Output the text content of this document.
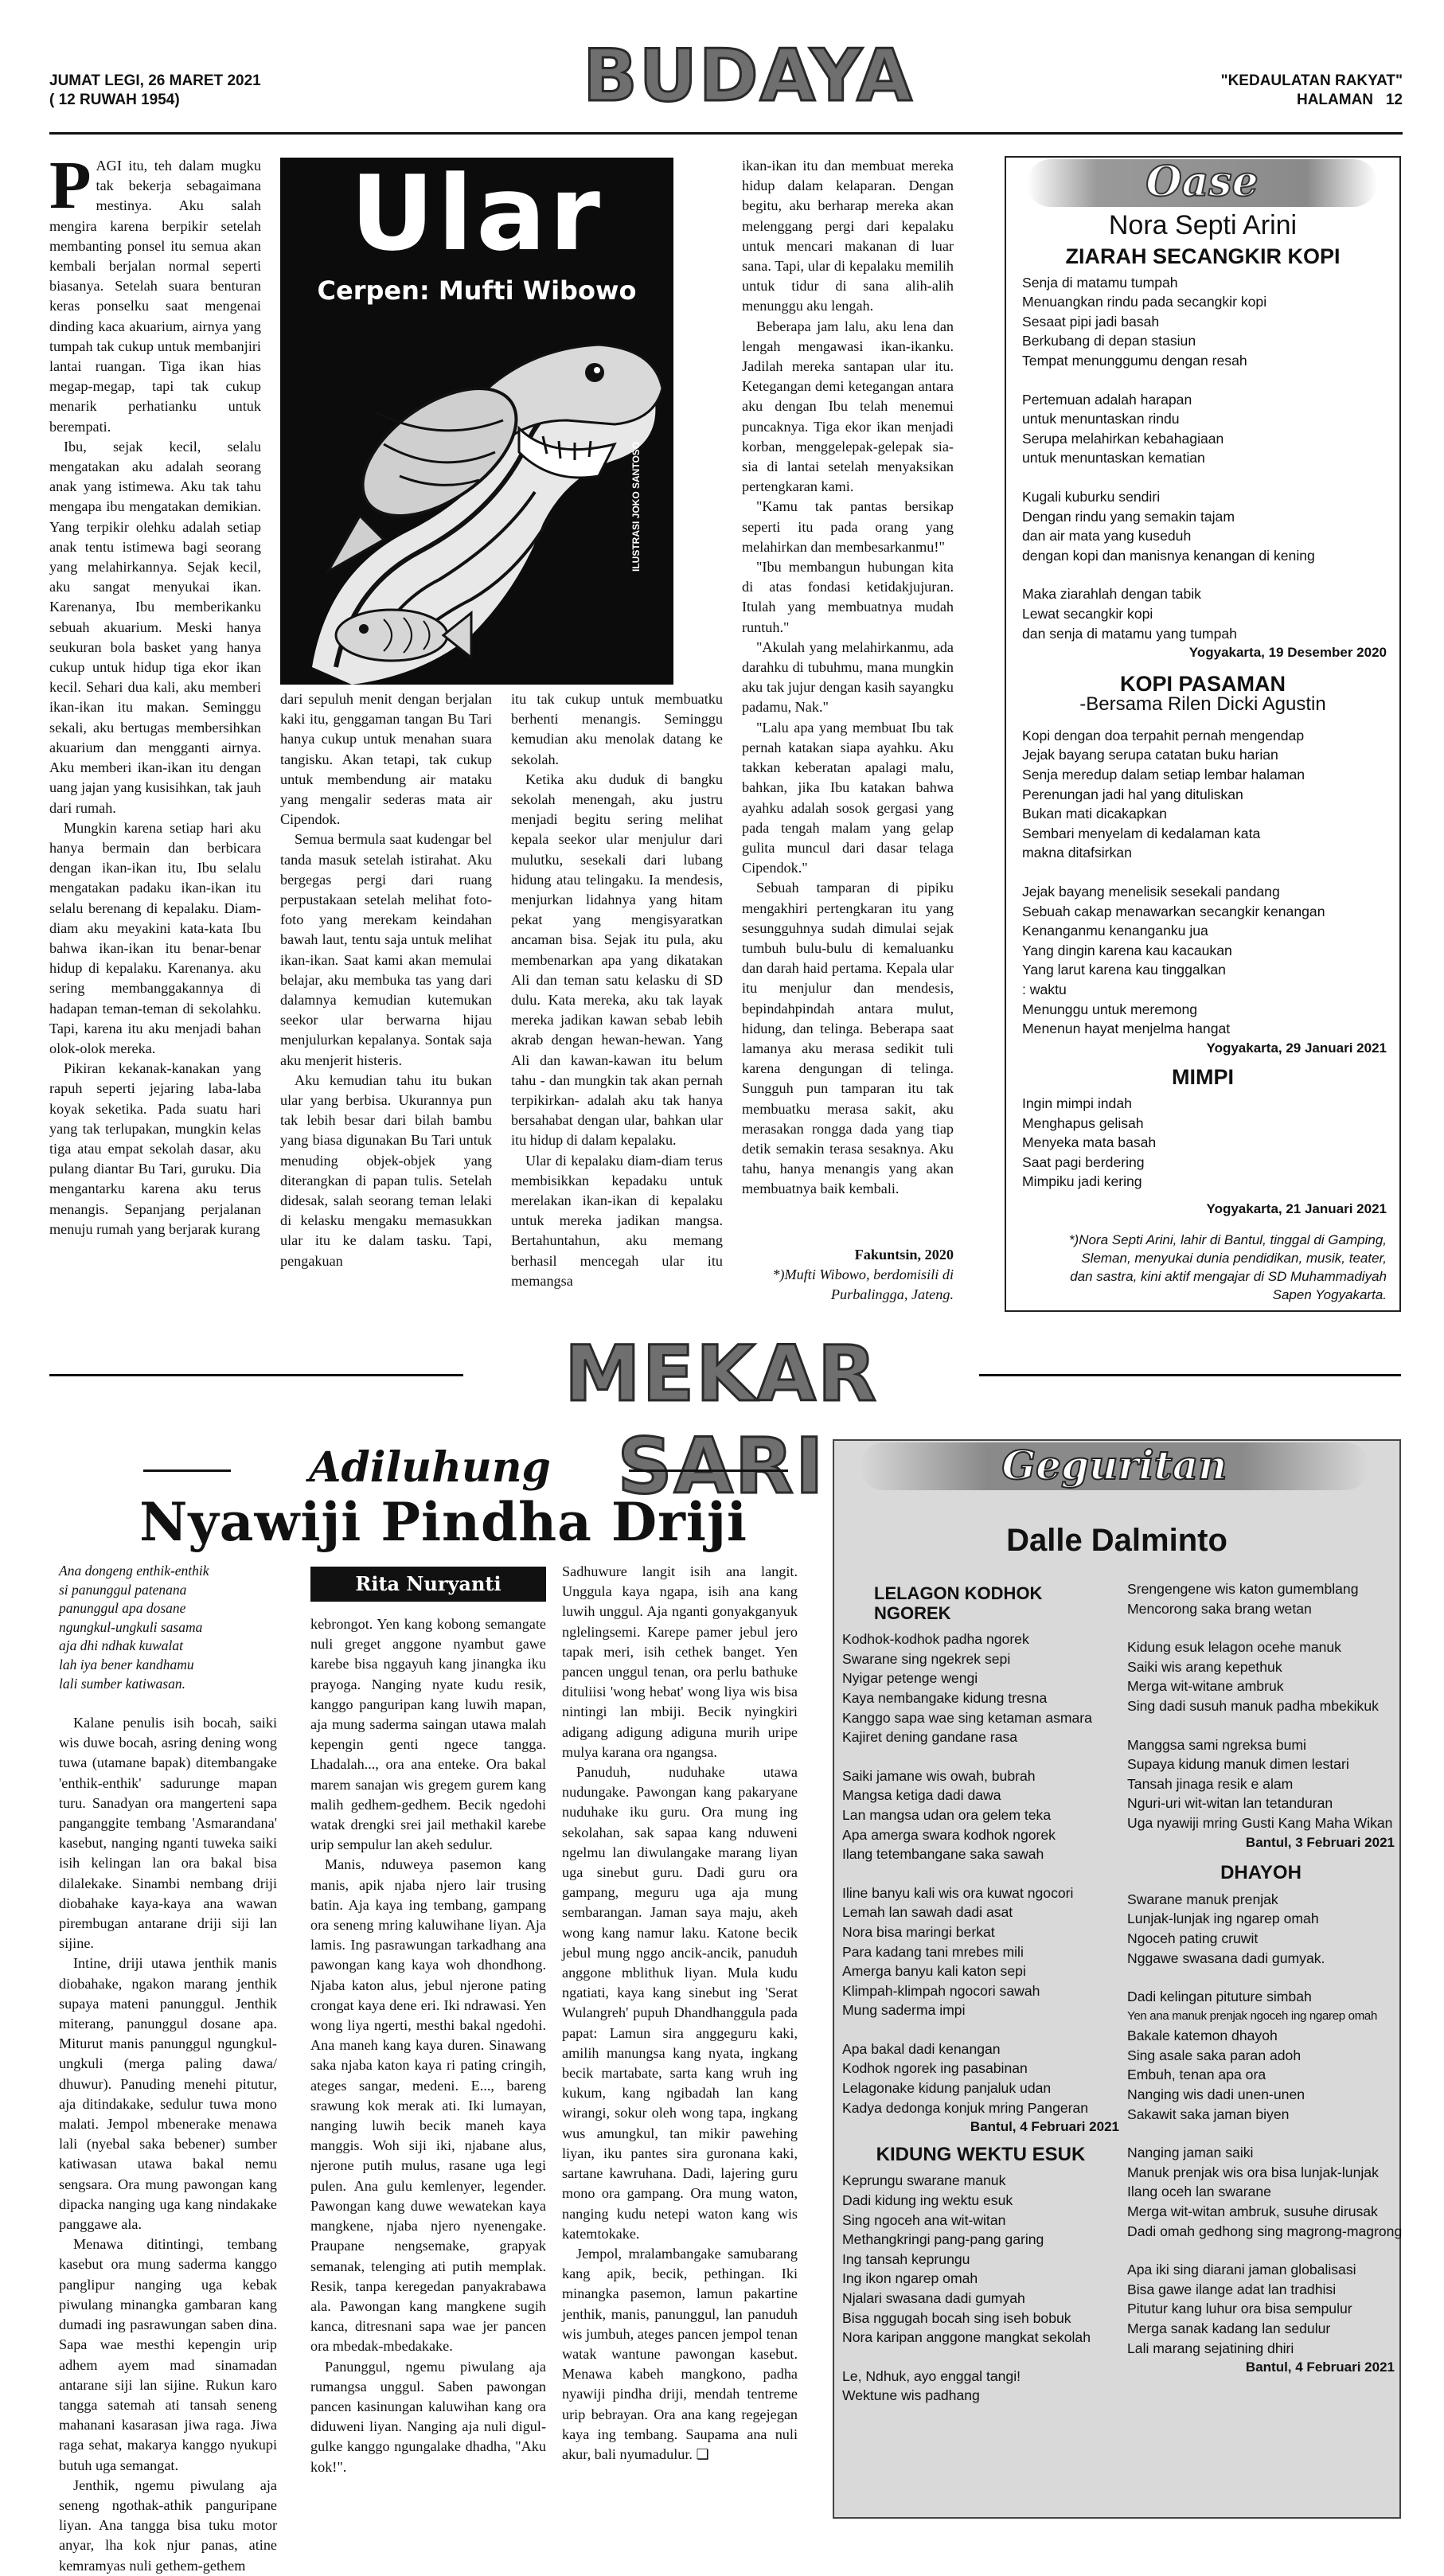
JUMAT LEGI, 26 MARET 2021
( 12 RUWAH 1954)	BUDAYA	"KEDAULATAN RAKYAT"
HALAMAN   12
Ular
Cerpen: Mufti Wibowo
ILUSTRASI JOKO SANTOSO

PAGI itu, teh dalam mugku tak bekerja sebagaimana mestinya. Aku salah mengira karena berpikir setelah membanting ponsel itu semua akan kembali berjalan normal seperti biasanya. Setelah suara benturan keras ponselku saat mengenai dinding kaca akuarium, airnya yang tumpah tak cukup untuk membanjiri lantai ruangan. Tiga ikan hias megap-megap, tapi tak cukup menarik perhatianku untuk berempati.

Ibu, sejak kecil, selalu mengatakan aku adalah seorang anak yang istimewa. Aku tak tahu mengapa ibu mengatakan demikian. Yang terpikir olehku adalah setiap anak tentu istimewa bagi seorang yang melahirkannya. Sejak kecil, aku sangat menyukai ikan. Karenanya, Ibu memberikanku sebuah akuarium. Meski hanya seukuran bola basket yang hanya cukup untuk hidup tiga ekor ikan kecil. Sehari dua kali, aku memberi ikan-ikan itu makan. Seminggu sekali, aku bertugas membersihkan akuarium dan mengganti airnya. Aku memberi ikan-ikan itu dengan uang jajan yang kusisihkan, tak jauh dari rumah.

Mungkin karena setiap hari aku hanya bermain dan berbicara dengan ikan-ikan itu, Ibu selalu mengatakan padaku ikan-ikan itu selalu berenang di kepalaku. Diam-diam aku meyakini kata-kata Ibu bahwa ikan-ikan itu benar-benar hidup di kepalaku. Karenanya. aku sering membanggakannya di hadapan teman-teman di sekolahku. Tapi, karena itu aku menjadi bahan olok-olok mereka.

Pikiran kekanak-kanakan yang rapuh seperti jejaring laba-laba koyak seketika. Pada suatu hari yang tak terlupakan, mungkin kelas tiga atau empat sekolah dasar, aku pulang diantar Bu Tari, guruku. Dia mengantarku karena aku terus menangis. Sepanjang perjalanan menuju rumah yang berjarak kurang

dari sepuluh menit dengan berjalan kaki itu, genggaman tangan Bu Tari hanya cukup untuk menahan suara tangisku. Akan tetapi, tak cukup untuk membendung air mataku yang mengalir sederas mata air Cipendok.

Semua bermula saat kudengar bel tanda masuk setelah istirahat. Aku bergegas pergi dari ruang perpustakaan setelah melihat foto-foto yang merekam keindahan bawah laut, tentu saja untuk melihat ikan-ikan. Saat kami akan memulai belajar, aku membuka tas yang dari dalamnya kemudian kutemukan seekor ular berwarna hijau menjulurkan kepalanya. Sontak saja aku menjerit histeris.

Aku kemudian tahu itu bukan ular yang berbisa. Ukurannya pun tak lebih besar dari bilah bambu yang biasa digunakan Bu Tari untuk menuding objek-objek yang diterangkan di papan tulis. Setelah didesak, salah seorang teman lelaki di kelasku mengaku memasukkan ular itu ke dalam tasku. Tapi, pengakuan

itu tak cukup untuk membuatku berhenti menangis. Seminggu kemudian aku menolak datang ke sekolah.

Ketika aku duduk di bangku sekolah menengah, aku justru menjadi begitu sering melihat kepala seekor ular menjulur dari mulutku, sesekali dari lubang hidung atau telingaku. Ia mendesis, menjurkan lidahnya yang hitam pekat yang mengisyaratkan ancaman bisa. Sejak itu pula, aku membenarkan apa yang dikatakan Ali dan teman satu kelasku di SD dulu. Kata mereka, aku tak layak mereka jadikan kawan sebab lebih akrab dengan hewan-hewan. Yang Ali dan kawan-kawan itu belum tahu - dan mungkin tak akan pernah terpikirkan- adalah aku tak hanya bersahabat dengan ular, bahkan ular itu hidup di dalam kepalaku.

Ular di kepalaku diam-diam terus membisikkan kepadaku untuk merelakan ikan-ikan di kepalaku untuk mereka jadikan mangsa. Bertahuntahun, aku memang berhasil mencegah ular itu memangsa

ikan-ikan itu dan membuat mereka hidup dalam kelaparan. Dengan begitu, aku berharap mereka akan melenggang pergi dari kepalaku untuk mencari makanan di luar sana. Tapi, ular di kepalaku memilih untuk tidur di sana alih-alih menunggu aku lengah.

Beberapa jam lalu, aku lena dan lengah mengawasi ikan-ikanku. Jadilah mereka santapan ular itu. Ketegangan demi ketegangan antara aku dengan Ibu telah menemui puncaknya. Tiga ekor ikan menjadi korban, menggelepak-gelepak sia-sia di lantai setelah menyaksikan pertengkaran kami.

"Kamu tak pantas bersikap seperti itu pada orang yang melahirkan dan membesarkanmu!"

"Ibu membangun hubungan kita di atas fondasi ketidakjujuran. Itulah yang membuatnya mudah runtuh."

"Akulah yang melahirkanmu, ada darahku di tubuhmu, mana mungkin aku tak jujur dengan kasih sayangku padamu, Nak."

"Lalu apa yang membuat Ibu tak pernah katakan siapa ayahku. Aku takkan keberatan apalagi malu, bahkan, jika Ibu katakan bahwa ayahku adalah sosok gergasi yang pada tengah malam yang gelap gulita muncul dari dasar telaga Cipendok."

Sebuah tamparan di pipiku mengakhiri pertengkaran itu yang sesungguhnya sudah dimulai sejak tumbuh bulu-bulu di kemaluanku dan darah haid pertama. Kepala ular itu menjulur dan mendesis, bepindahpindah antara mulut, hidung, dan telinga. Beberapa saat lamanya aku merasa sedikit tuli karena dengungan di telinga. Sungguh pun tamparan itu tak membuatku merasa sakit, aku merasakan rongga dada yang tiap detik semakin terasa sesaknya. Aku tahu, hanya menangis yang akan membuatnya baik kembali.

Fakuntsin, 2020

*)Mufti Wibowo, berdomisili di Purbalingga, Jateng.

Oase
Nora Septi Arini
ZIARAH SECANGKIR KOPI
Senja di matamu tumpah
Menuangkan rindu pada secangkir kopi
Sesaat pipi jadi basah
Berkubang di depan stasiun
Tempat menunggumu dengan resah
Pertemuan adalah harapan
untuk menuntaskan rindu
Serupa melahirkan kebahagiaan
untuk menuntaskan kematian
Kugali kuburku sendiri
Dengan rindu yang semakin tajam
dan air mata yang kuseduh
dengan kopi dan manisnya kenangan di kening
Maka ziarahlah dengan tabik
Lewat secangkir kopi
dan senja di matamu yang tumpah
Yogyakarta, 19 Desember 2020
KOPI PASAMAN
-Bersama Rilen Dicki Agustin
Kopi dengan doa terpahit pernah mengendap
Jejak bayang serupa catatan buku harian
Senja meredup dalam setiap lembar halaman
Perenungan jadi hal yang dituliskan
Bukan mati dicakapkan
Sembari menyelam di kedalaman kata
makna ditafsirkan
Jejak bayang menelisik sesekali pandang
Sebuah cakap menawarkan secangkir kenangan
Kenanganmu kenanganku jua
Yang dingin karena kau kacaukan
Yang larut karena kau tinggalkan
: waktu
Menunggu untuk meremong
Menenun hayat menjelma hangat
Yogyakarta, 29 Januari 2021
MIMPI
Ingin mimpi indah
Menghapus gelisah
Menyeka mata basah
Saat pagi berdering
Mimpiku jadi kering
Yogyakarta, 21 Januari 2021
*)Nora Septi Arini, lahir di Bantul, tinggal di Gamping, Sleman, menyukai dunia pendidikan, musik, teater, dan sastra, kini aktif mengajar di SD Muhammadiyah Sapen Yogyakarta.
MEKAR SARI
Adiluhung
Nyawiji Pindha Driji
Ana dongeng enthik-enthik
si panunggul patenana
panunggul apa dosane
ngungkul-ungkuli sasama
aja dhi ndhak kuwalat
lah iya bener kandhamu
lali sumber katiwasan.

Kalane penulis isih bocah, saiki wis duwe bocah, asring dening wong tuwa (utamane bapak) ditembangake 'enthik-enthik' sadurunge mapan turu. Sanadyan ora mangerteni sapa panganggite tembang 'Asmarandana' kasebut, nanging nganti tuweka saiki isih kelingan lan ora bakal bisa dilalekake. Sinambi nembang driji diobahake kaya-kaya ana wawan pirembugan antarane driji siji lan sijine.

Intine, driji utawa jenthik manis diobahake, ngakon marang jenthik supaya mateni panunggul. Jenthik miterang, panunggul dosane apa. Miturut manis panunggul ngungkul-ungkuli (merga paling dawa/ dhuwur). Panuding menehi pitutur, aja ditindakake, sedulur tuwa mono malati. Jempol mbenerake menawa lali (nyebal saka bebener) sumber katiwasan utawa bakal nemu sengsara. Ora mung pawongan kang dipacka nanging uga kang nindakake panggawe ala.

Menawa ditintingi, tembang kasebut ora mung saderma kanggo panglipur nanging uga kebak piwulang minangka gambaran kang dumadi ing pasrawungan saben dina. Sapa wae mesthi kepengin urip adhem ayem mad sinamadan antarane siji lan sijine. Rukun karo tangga satemah ati tansah seneng mahanani kasarasan jiwa raga. Jiwa raga sehat, makarya kanggo nyukupi butuh uga semangat.

Jenthik, ngemu piwulang aja seneng ngothak-athik panguripane liyan. Ana tangga bisa tuku motor anyar, lha kok njur panas, atine kemramyas nuli gethem-gethem

Rita Nuryanti

kebrongot. Yen kang kobong semangate nuli greget anggone nyambut gawe karebe bisa nggayuh kang jinangka iku prayoga. Nanging nyate kudu resik, kanggo panguripan kang luwih mapan, aja mung saderma saingan utawa malah kepengin genti ngece tangga. Lhadalah..., ora ana enteke. Ora bakal marem sanajan wis gregem gurem kang malih gedhem-gedhem. Becik ngedohi watak drengki srei jail methakil karebe urip sempulur lan akeh sedulur.

Manis, nduweya pasemon kang manis, apik njaba njero lair trusing batin. Aja kaya ing tembang, gampang ora seneng mring kaluwihane liyan. Aja lamis. Ing pasrawungan tarkadhang ana pawongan kang kaya woh dhondhong. Njaba katon alus, jebul njerone pating crongat kaya dene eri. Iki ndrawasi. Yen wong liya ngerti, mesthi bakal ngedohi. Ana maneh kang kaya duren. Sinawang saka njaba katon kaya ri pating cringih, ateges sangar, medeni. E..., bareng srawung kok merak ati. Iki lumayan, nanging luwih becik maneh kaya manggis. Woh siji iki, njabane alus, njerone putih mulus, rasane uga legi pulen. Ana gulu kemlenyer, legender. Pawongan kang duwe wewatekan kaya mangkene, njaba njero nyenengake. Praupane nengsemake, grapyak semanak, telenging ati putih memplak. Resik, tanpa keregedan panyakrabawa ala. Pawongan kang mangkene sugih kanca, ditresnani sapa wae jer pancen ora mbedak-mbedakake.

Panunggul, ngemu piwulang aja rumangsa unggul. Saben pawongan pancen kasinungan kaluwihan kang ora diduweni liyan. Nanging aja nuli digul-gulke kanggo ngungalake dhadha, "Aku kok!".

Sadhuwure langit isih ana langit. Unggula kaya ngapa, isih ana kang luwih unggul. Aja nganti gonyakganyuk nglelingsemi. Karepe pamer jebul jero tapak meri, isih cethek banget. Yen pancen unggul tenan, ora perlu bathuke dituliisi 'wong hebat' wong liya wis bisa nintingi lan mbiji. Becik nyingkiri adigang adigung adiguna murih uripe mulya karana ora ngangsa.

Panuduh, nuduhake utawa nudungake. Pawongan kang pakaryane nuduhake iku guru. Ora mung ing sekolahan, sak sapaa kang nduweni ngelmu lan diwulangake marang liyan uga sinebut guru. Dadi guru ora gampang, meguru uga aja mung sembarangan. Jaman saya maju, akeh wong kang namur laku. Katone becik jebul mung nggo ancik-ancik, panuduh anggone mblithuk liyan. Mula kudu ngatiati, kaya kang sinebut ing 'Serat Wulangreh' pupuh Dhandhanggula pada papat: Lamun sira anggeguru kaki, amilih manungsa kang nyata, ingkang becik martabate, sarta kang wruh ing kukum, kang ngibadah lan kang wirangi, sokur oleh wong tapa, ingkang wus amungkul, tan mikir pawehing liyan, iku pantes sira guronana kaki, sartane kawruhana. Dadi, lajering guru mono ora gampang. Ora mung waton, nanging kudu netepi waton kang wis katemtokake.

Jempol, mralambangake samubarang kang apik, becik, pethingan. Iki minangka pasemon, lamun pakartine jenthik, manis, panunggul, lan panuduh wis jumbuh, ateges pancen jempol tenan watak wantune pawongan kasebut. Menawa kabeh mangkono, padha nyawiji pindha driji, mendah tentreme urip bebrayan. Ora ana kang regejegan kaya ing tembang. Saupama ana nuli akur, bali nyumadulur. ❏

Geguritan
Dalle Dalminto
LELAGON KODHOK NGOREK
Kodhok-kodhok padha ngorek
Swarane sing ngekrek sepi
Nyigar petenge wengi
Kaya nembangake kidung tresna
Kanggo sapa wae sing ketaman asmara
Kajiret dening gandane rasa
Saiki jamane wis owah, bubrah
Mangsa ketiga dadi dawa
Lan mangsa udan ora gelem teka
Apa amerga swara kodhok ngorek
Ilang tetembangane saka sawah
Iline banyu kali wis ora kuwat ngocori
Lemah lan sawah dadi asat
Nora bisa maringi berkat
Para kadang tani mrebes mili
Amerga banyu kali katon sepi
Klimpah-klimpah ngocori sawah
Mung saderma impi
Apa bakal dadi kenangan
Kodhok ngorek ing pasabinan
Lelagonake kidung panjaluk udan
Kadya dedonga konjuk mring Pangeran
Bantul, 4 Februari 2021
KIDUNG WEKTU ESUK
Keprungu swarane manuk
Dadi kidung ing wektu esuk
Sing ngoceh ana wit-witan
Methangkringi pang-pang garing
Ing tansah keprungu
Ing ikon ngarep omah
Njalari swasana dadi gumyah
Bisa nggugah bocah sing iseh bobuk
Nora karipan anggone mangkat sekolah
Le, Ndhuk, ayo enggal tangi!
Wektune wis padhang
Srengengene wis katon gumemblang
Mencorong saka brang wetan
Kidung esuk lelagon ocehe manuk
Saiki wis arang kepethuk
Merga wit-witane ambruk
Sing dadi susuh manuk padha mbekikuk
Manggsa sami ngreksa bumi
Supaya kidung manuk dimen lestari
Tansah jinaga resik e alam
Nguri-uri wit-witan lan tetanduran
Uga nyawiji mring Gusti Kang Maha Wikan
Bantul, 3 Februari 2021
DHAYOH
Swarane manuk prenjak
Lunjak-lunjak ing ngarep omah
Ngoceh pating cruwit
Nggawe swasana dadi gumyak.
Dadi kelingan pituture simbah
Yen ana manuk prenjak ngoceh ing ngarep omah
Bakale katemon dhayoh
Sing asale saka paran adoh
Embuh, tenan apa ora
Nanging wis dadi unen-unen
Sakawit saka jaman biyen
Nanging jaman saiki
Manuk prenjak wis ora bisa lunjak-lunjak
Ilang oceh lan swarane
Merga wit-witan ambruk, susuhe dirusak
Dadi omah gedhong sing magrong-magrong
Apa iki sing diarani jaman globalisasi
Bisa gawe ilange adat lan tradhisi
Pitutur kang luhur ora bisa sempulur
Merga sanak kadang lan sedulur
Lali marang sejatining dhiri
Bantul, 4 Februari 2021
